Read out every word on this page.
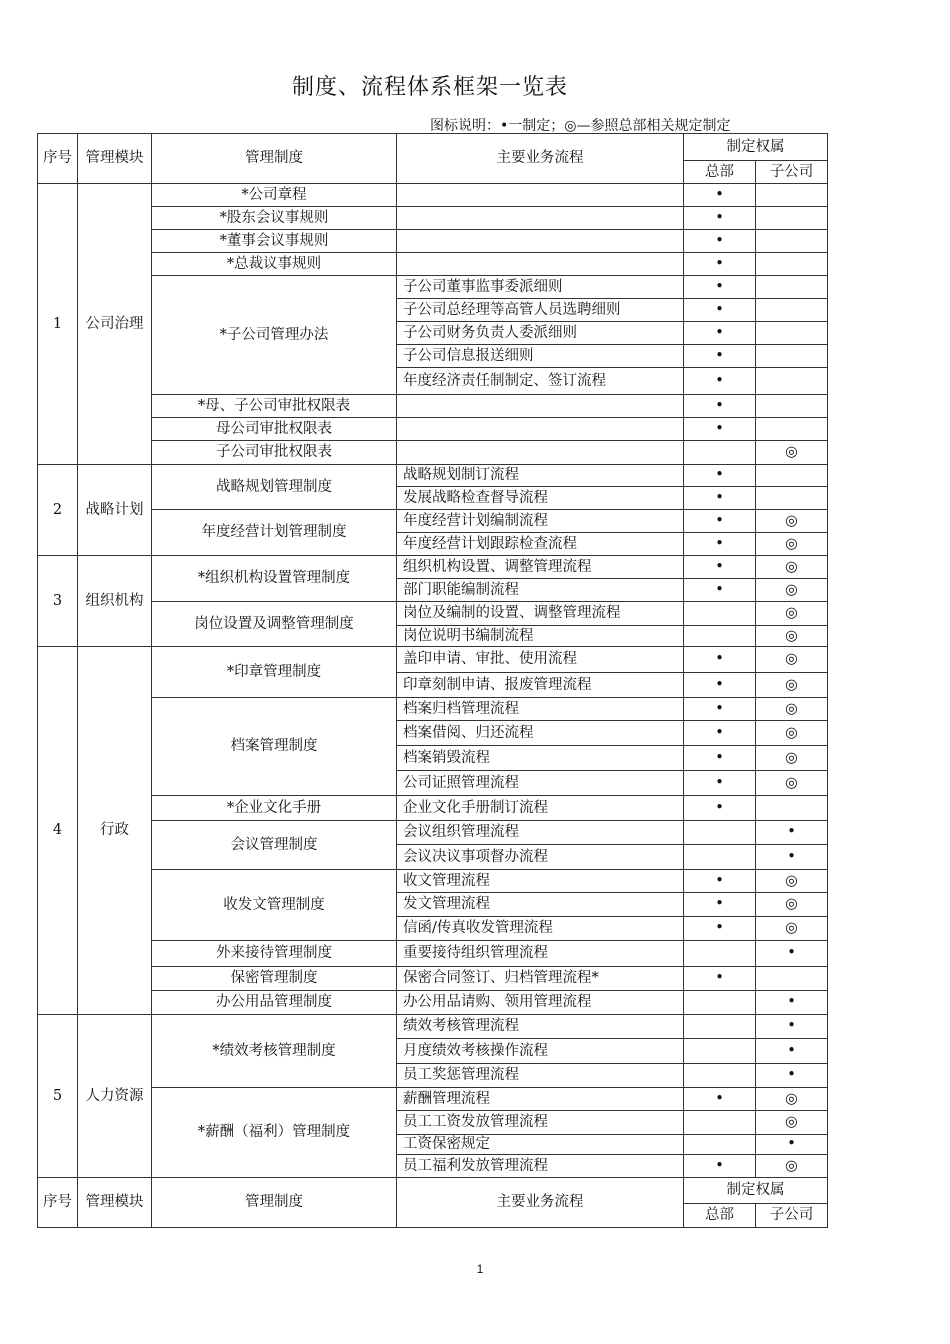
制度、流程体系框架一览表
图标说明：•一制定；◎—参照总部相关规定制定
序号	管理模块	管理制度	主要业务流程	制定权属	
				总部	子公司
1	公司治理	*公司章程		•	
		*股东会议事规则		•	
		*董事会议事规则		•	
		*总裁议事规则		•	
		*子公司管理办法	子公司董事监事委派细则	•	
			子公司总经理等高管人员选聘细则	•	
			子公司财务负责人委派细则	•	
			子公司信息报送细则	•	
			年度经济责任制制定、签订流程	•	
		*母、子公司审批权限表		•	
		母公司审批权限表		•	
		子公司审批权限表			◎
2	战略计划	战略规划管理制度	战略规划制订流程	•	
			发展战略检查督导流程	•	
		年度经营计划管理制度	年度经营计划编制流程	•	◎
			年度经营计划跟踪检查流程	•	◎
3	组织机构	*组织机构设置管理制度	组织机构设置、调整管理流程	•	◎
			部门职能编制流程	•	◎
		岗位设置及调整管理制度	岗位及编制的设置、调整管理流程		◎
			岗位说明书编制流程		◎
4	行政	*印章管理制度	盖印申请、审批、使用流程	•	◎
			印章刻制申请、报废管理流程	•	◎
		档案管理制度	档案归档管理流程	•	◎
			档案借阅、归还流程	•	◎
			档案销毁流程	•	◎
			公司证照管理流程	•	◎
		*企业文化手册	企业文化手册制订流程	•	
		会议管理制度	会议组织管理流程		•
			会议决议事项督办流程		•
		收发文管理制度	收文管理流程	•	◎
			发文管理流程	•	◎
			信函/传真收发管理流程	•	◎
		外来接待管理制度	重要接待组织管理流程		•
		保密管理制度	保密合同签订、归档管理流程*	•	
		办公用品管理制度	办公用品请购、领用管理流程		•
5	人力资源	*绩效考核管理制度	绩效考核管理流程		•
			月度绩效考核操作流程		•
			员工奖惩管理流程		•
		*薪酬（福利）管理制度	薪酬管理流程	•	◎
			员工工资发放管理流程		◎
			工资保密规定		•
			员工福利发放管理流程	•	◎
序号	管理模块	管理制度	主要业务流程	制定权属	
				总部	子公司
1
